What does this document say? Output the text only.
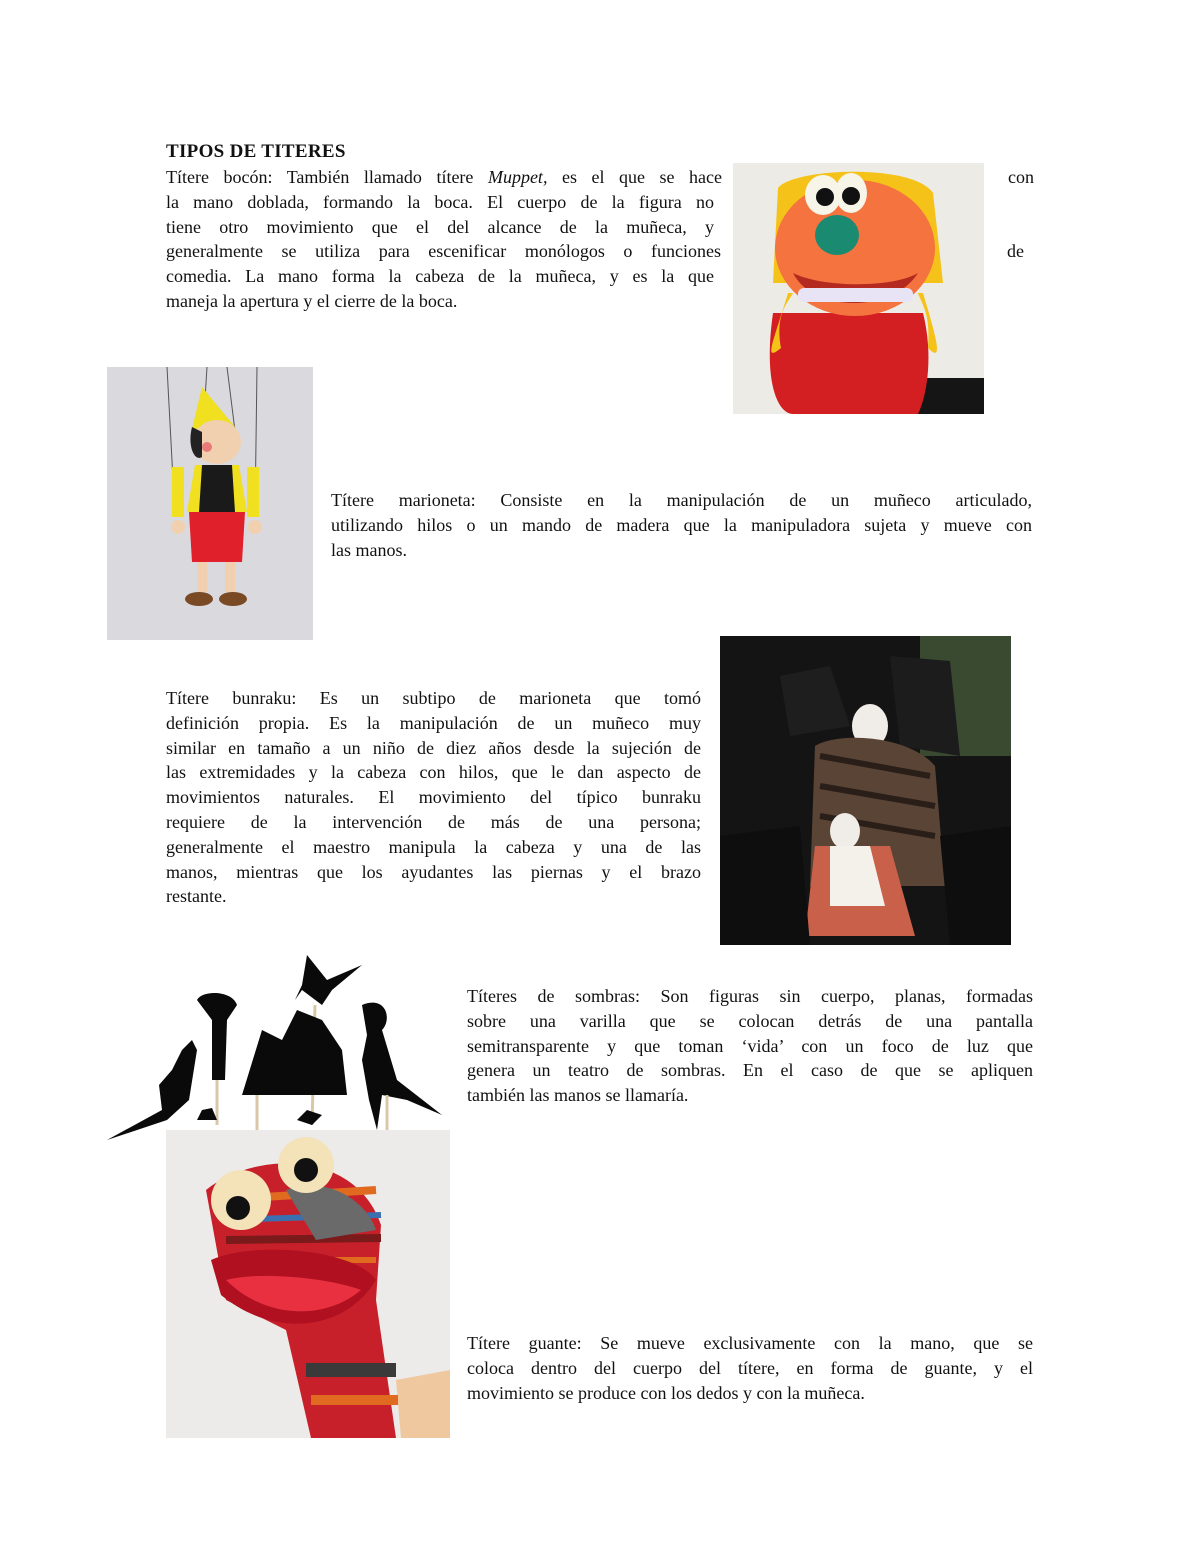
TIPOS DE TITERES
Títere bocón: También llamado títere Muppet, es el que se hace	con
la mano doblada, formando la boca. El cuerpo de la figura no
tiene otro movimiento que el del alcance de la muñeca, y
generalmente se utiliza para escenificar monólogos o funciones	de
comedia. La mano forma la cabeza de la muñeca, y es la que
maneja la apertura y el cierre de la boca.
Títere marioneta: Consiste en la manipulación de un muñeco articulado,
utilizando hilos o un mando de madera que la manipuladora sujeta y mueve con
las manos.
Títere bunraku: Es un subtipo de marioneta que tomó
definición propia. Es la manipulación de un muñeco muy
similar en tamaño a un niño de diez años desde la sujeción de
las extremidades y la cabeza con hilos, que le dan aspecto de
movimientos naturales. El movimiento del típico bunraku
requiere de la intervención de más de una persona;
generalmente el maestro manipula la cabeza y una de las
manos, mientras que los ayudantes las piernas y el brazo
restante.
Títeres de sombras: Son figuras sin cuerpo, planas, formadas
sobre una varilla que se colocan detrás de una pantalla
semitransparente y que toman ‘vida’ con un foco de luz que
genera un teatro de sombras. En el caso de que se apliquen
también las manos se llamaría.
Títere guante: Se mueve exclusivamente con la mano, que se
coloca dentro del cuerpo del títere, en forma de guante, y el
movimiento se produce con los dedos y con la muñeca.
